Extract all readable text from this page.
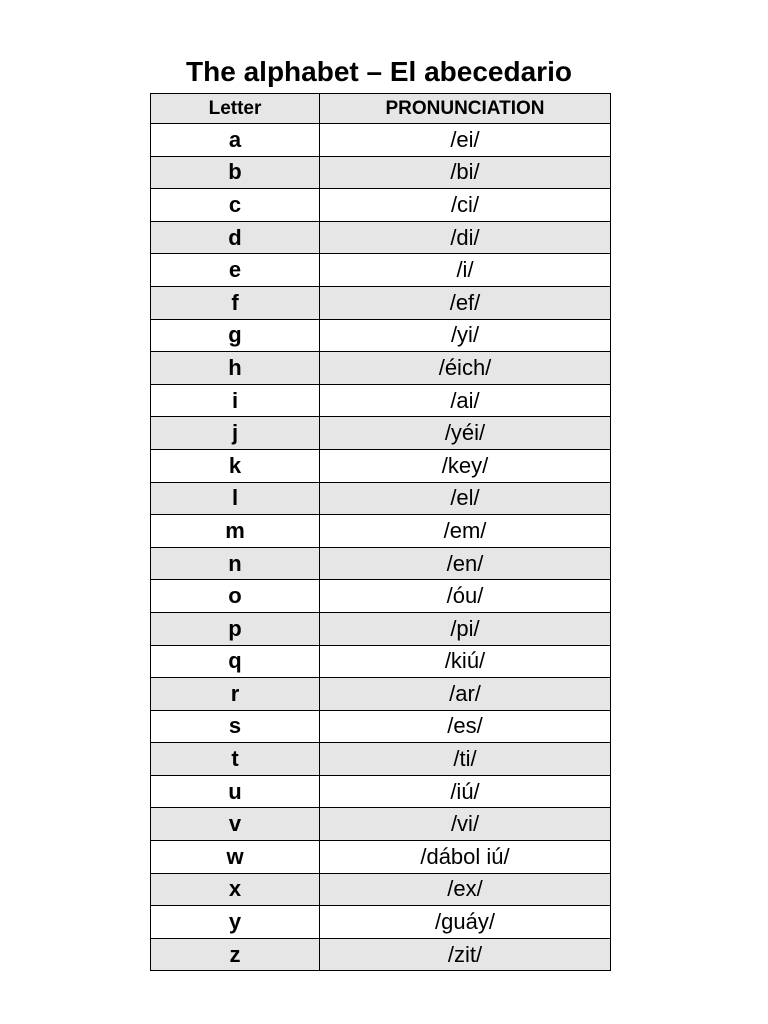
The alphabet – El abecedario
Letter	PRONUNCIATION
a	/ei/
b	/bi/
c	/ci/
d	/di/
e	/i/
f	/ef/
g	/yi/
h	/éich/
i	/ai/
j	/yéi/
k	/key/
l	/el/
m	/em/
n	/en/
o	/óu/
p	/pi/
q	/kiú/
r	/ar/
s	/es/
t	/ti/
u	/iú/
v	/vi/
w	/dábol iú/
x	/ex/
y	/guáy/
z	/zit/
